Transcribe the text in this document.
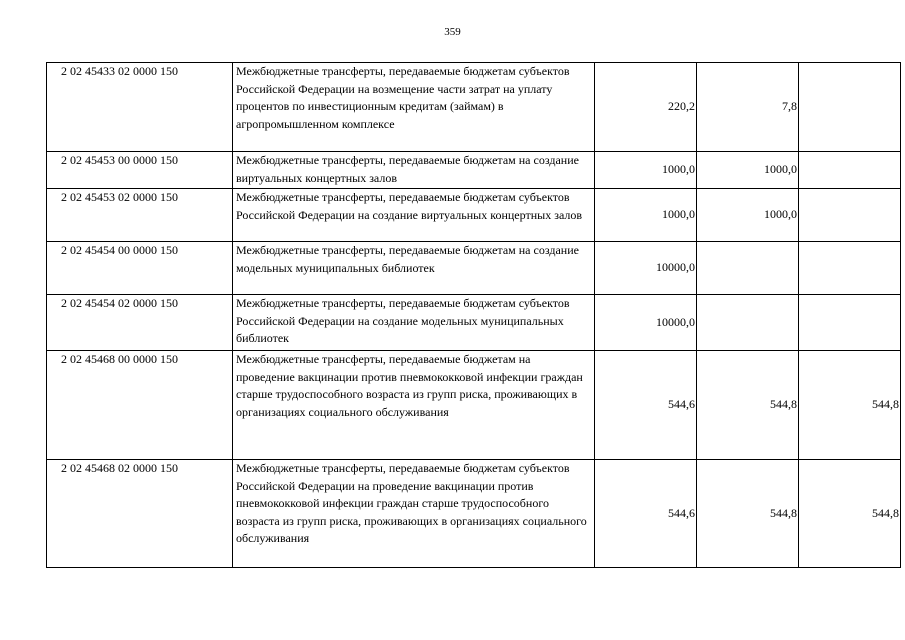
359
2 02 45433 02 0000 150	Межбюджетные трансферты, передаваемые бюджетам субъектов Российской Федерации на возмещение части затрат на уплату процентов по инвестиционным кредитам (займам) в агропромышленном комплексе	220,2	7,8	
2 02 45453 00 0000 150	Межбюджетные трансферты, передаваемые бюджетам на создание виртуальных концертных залов	1000,0	1000,0	
2 02 45453 02 0000 150	Межбюджетные трансферты, передаваемые бюджетам субъектов Российской Федерации на создание виртуальных концертных залов	1000,0	1000,0	
2 02 45454 00 0000 150	Межбюджетные трансферты, передаваемые бюджетам на создание модельных муниципальных библиотек	10000,0		
2 02 45454 02 0000 150	Межбюджетные трансферты, передаваемые бюджетам субъектов Российской Федерации на создание модельных муниципальных библиотек	10000,0		
2 02 45468 00 0000 150	Межбюджетные трансферты, передаваемые бюджетам на проведение вакцинации против пневмококковой инфекции граждан старше трудоспособного возраста из групп риска, проживающих в организациях социального обслуживания	544,6	544,8	544,8
2 02 45468 02 0000 150	Межбюджетные трансферты, передаваемые бюджетам субъектов Российской Федерации на проведение вакцинации против пневмококковой инфекции граждан старше трудоспособного возраста из групп риска, проживающих в организациях социального обслуживания	544,6	544,8	544,8
